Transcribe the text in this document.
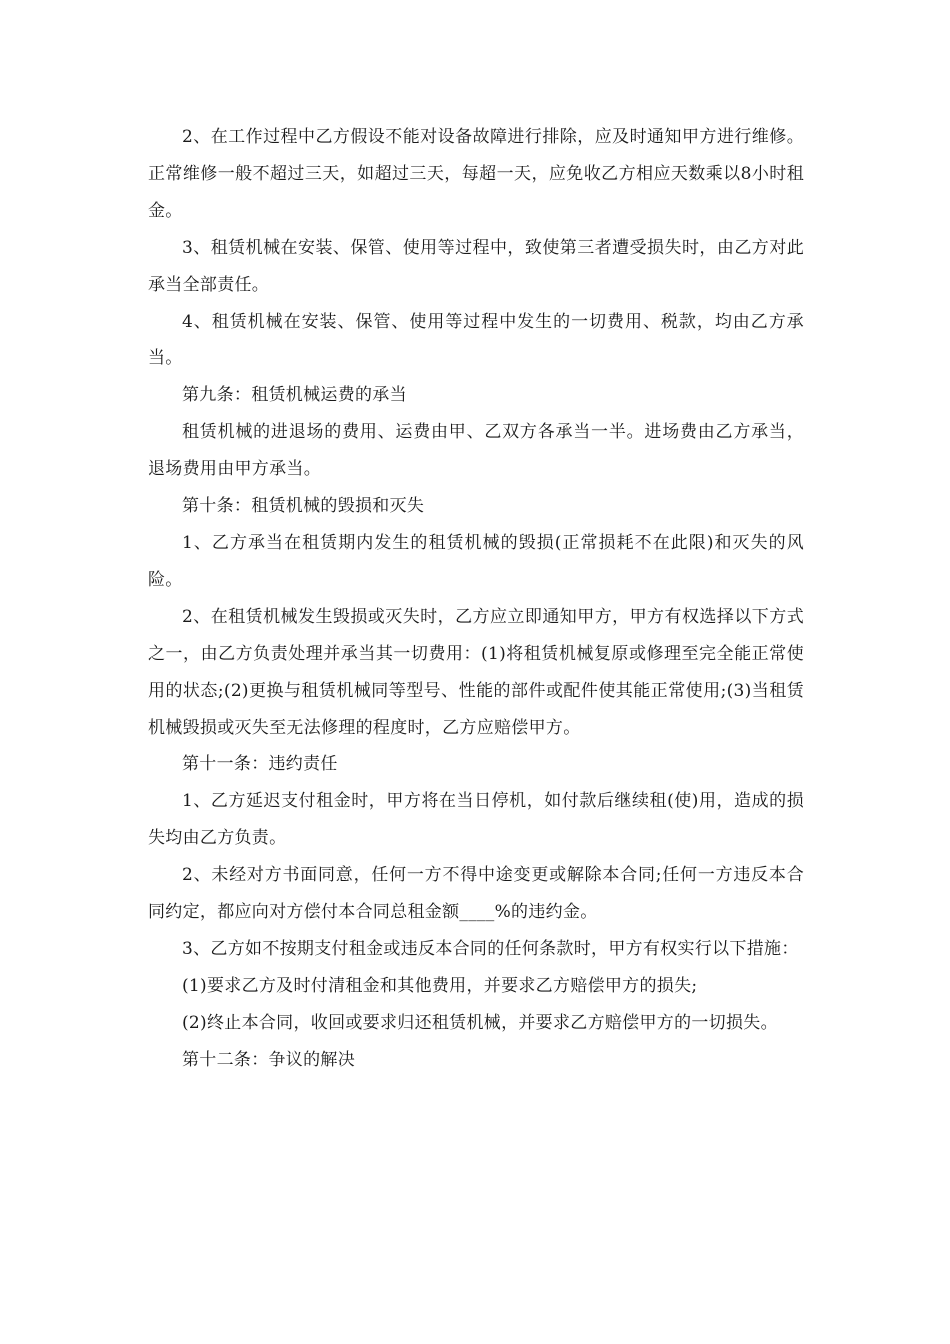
2、在工作过程中乙方假设不能对设备故障进行排除，应及时通知甲方进行维修。正常维修一般不超过三天，如超过三天，每超一天，应免收乙方相应天数乘以8小时租金。

3、租赁机械在安装、保管、使用等过程中，致使第三者遭受损失时，由乙方对此承当全部责任。

4、租赁机械在安装、保管、使用等过程中发生的一切费用、税款，均由乙方承当。

第九条：租赁机械运费的承当

租赁机械的进退场的费用、运费由甲、乙双方各承当一半。进场费由乙方承当，退场费用由甲方承当。

第十条：租赁机械的毁损和灭失

1、乙方承当在租赁期内发生的租赁机械的毁损(正常损耗不在此限)和灭失的风险。

2、在租赁机械发生毁损或灭失时，乙方应立即通知甲方，甲方有权选择以下方式之一，由乙方负责处理并承当其一切费用：(1)将租赁机械复原或修理至完全能正常使用的状态;(2)更换与租赁机械同等型号、性能的部件或配件使其能正常使用;(3)当租赁机械毁损或灭失至无法修理的程度时，乙方应赔偿甲方。

第十一条：违约责任

1、乙方延迟支付租金时，甲方将在当日停机，如付款后继续租(使)用，造成的损失均由乙方负责。

2、未经对方书面同意，任何一方不得中途变更或解除本合同;任何一方违反本合同约定，都应向对方偿付本合同总租金额____%的违约金。

3、乙方如不按期支付租金或违反本合同的任何条款时，甲方有权实行以下措施：

(1)要求乙方及时付清租金和其他费用，并要求乙方赔偿甲方的损失;

(2)终止本合同，收回或要求归还租赁机械，并要求乙方赔偿甲方的一切损失。

第十二条：争议的解决
